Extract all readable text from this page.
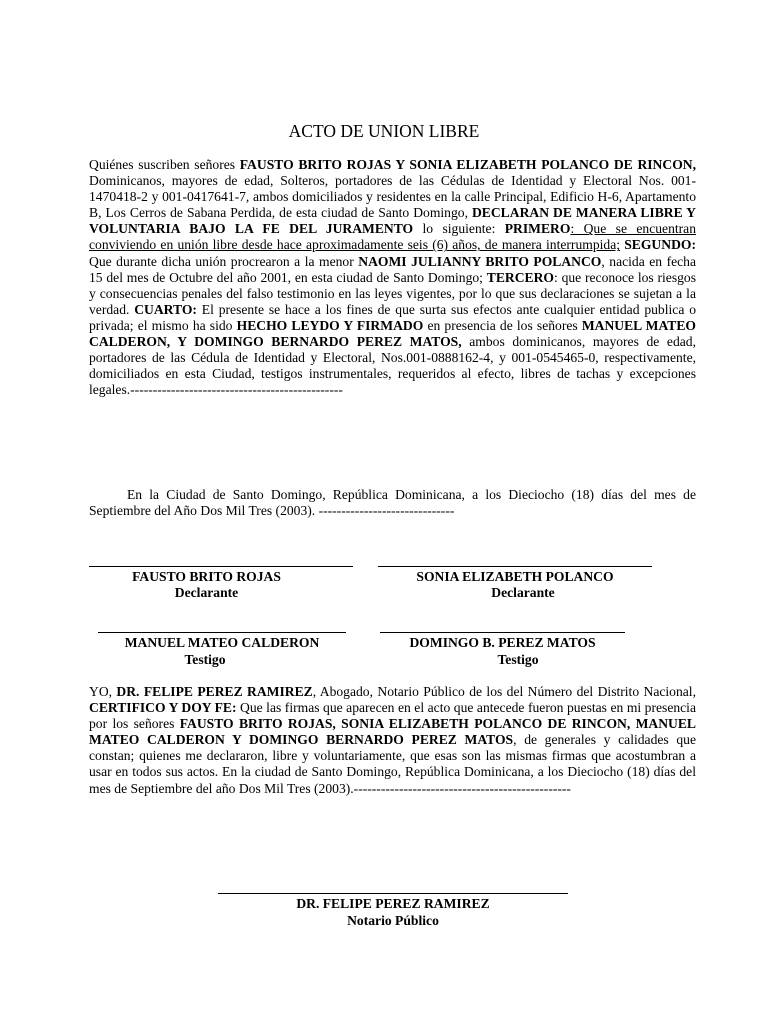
ACTO DE UNION LIBRE
Quiénes suscriben señores FAUSTO BRITO ROJAS Y SONIA ELIZABETH POLANCO DE RINCON, Dominicanos, mayores de edad, Solteros, portadores de las Cédulas de Identidad y Electoral Nos. 001-1470418-2 y 001-0417641-7, ambos domiciliados y residentes en la calle Principal, Edificio H-6, Apartamento B, Los Cerros de Sabana Perdida, de esta ciudad de Santo Domingo, DECLARAN DE MANERA LIBRE Y VOLUNTARIA BAJO LA FE DEL JURAMENTO lo siguiente: PRIMERO: Que se encuentran conviviendo en unión libre desde hace aproximadamente seis (6) años, de manera interrumpida; SEGUNDO: Que durante dicha unión procrearon a la menor NAOMI JULIANNY BRITO POLANCO, nacida en fecha 15 del mes de Octubre del año 2001, en esta ciudad de Santo Domingo; TERCERO: que reconoce los riesgos y consecuencias penales del falso testimonio en las leyes vigentes, por lo que sus declaraciones se sujetan a la verdad. CUARTO: El presente se hace a los fines de que surta sus efectos ante cualquier entidad publica o privada; el mismo ha sido HECHO LEYDO Y FIRMADO en presencia de los señores MANUEL MATEO CALDERON, Y DOMINGO BERNARDO PEREZ MATOS, ambos dominicanos, mayores de edad, portadores de las Cédula de Identidad y Electoral, Nos.001-0888162-4, y 001-0545465-0, respectivamente, domiciliados en esta Ciudad, testigos instrumentales, requeridos al efecto, libres de tachas y excepciones legales.-----------------------------------------------
En la Ciudad de Santo Domingo, República Dominicana, a los Dieciocho (18) días del mes de Septiembre del Año Dos Mil Tres (2003). ------------------------------
FAUSTO BRITO ROJAS
Declarante
SONIA ELIZABETH POLANCO
Declarante
MANUEL MATEO CALDERON
Testigo
DOMINGO B. PEREZ MATOS
Testigo
YO, DR. FELIPE PEREZ RAMIREZ, Abogado, Notario Público de los del Número del Distrito Nacional, CERTIFICO Y DOY FE: Que las firmas que aparecen en el acto que antecede fueron puestas en mi presencia por los señores FAUSTO BRITO ROJAS, SONIA ELIZABETH POLANCO DE RINCON, MANUEL MATEO CALDERON Y DOMINGO BERNARDO PEREZ MATOS, de generales y calidades que constan; quienes me declararon, libre y voluntariamente, que esas son las mismas firmas que acostumbran a usar en todos sus actos. En la ciudad de Santo Domingo, República Dominicana, a los Dieciocho (18) días del mes de Septiembre del año Dos Mil Tres (2003).------------------------------------------------
DR. FELIPE PEREZ RAMIREZ
Notario Público
